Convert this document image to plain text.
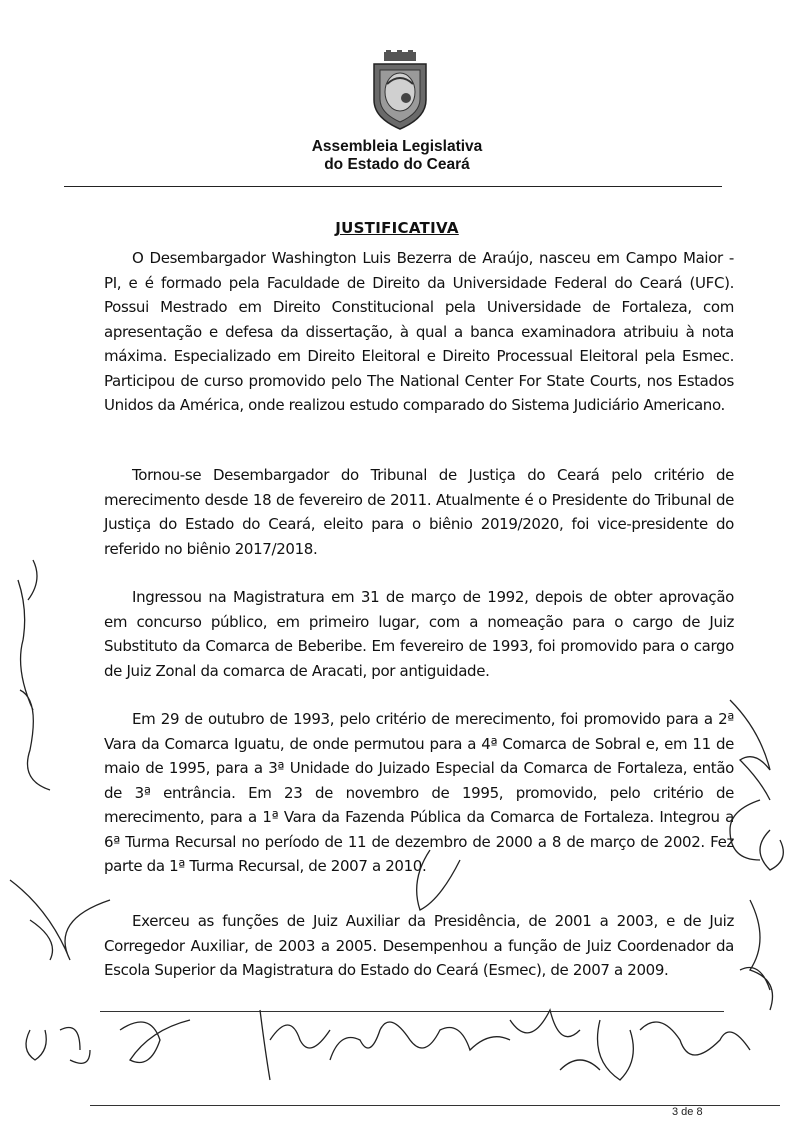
Assembleia Legislativa
do Estado do Ceará
JUSTIFICATIVA
O Desembargador Washington Luis Bezerra de Araújo, nasceu em Campo Maior - PI, e é formado pela Faculdade de Direito da Universidade Federal do Ceará (UFC). Possui Mestrado em Direito Constitucional pela Universidade de Fortaleza, com apresentação e defesa da dissertação, à qual a banca examinadora atribuiu à nota máxima. Especializado em Direito Eleitoral e Direito Processual Eleitoral pela Esmec. Participou de curso promovido pelo The National Center For State Courts, nos Estados Unidos da América, onde realizou estudo comparado do Sistema Judiciário Americano.
Tornou-se Desembargador do Tribunal de Justiça do Ceará pelo critério de merecimento desde 18 de fevereiro de 2011. Atualmente é o Presidente do Tribunal de Justiça do Estado do Ceará, eleito para o biênio 2019/2020, foi vice-presidente do referido no biênio 2017/2018.
Ingressou na Magistratura em 31 de março de 1992, depois de obter aprovação em concurso público, em primeiro lugar, com a nomeação para o cargo de Juiz Substituto da Comarca de Beberibe. Em fevereiro de 1993, foi promovido para o cargo de Juiz Zonal da comarca de Aracati, por antiguidade.
Em 29 de outubro de 1993, pelo critério de merecimento, foi promovido para a 2ª Vara da Comarca Iguatu, de onde permutou para a 4ª Comarca de Sobral e, em 11 de maio de 1995, para a 3ª Unidade do Juizado Especial da Comarca de Fortaleza, então de 3ª entrância. Em 23 de novembro de 1995, promovido, pelo critério de merecimento, para a 1ª Vara da Fazenda Pública da Comarca de Fortaleza. Integrou a 6ª Turma Recursal no período de 11 de dezembro de 2000 a 8 de março de 2002. Fez parte da 1ª Turma Recursal, de 2007 a 2010.
Exerceu as funções de Juiz Auxiliar da Presidência, de 2001 a 2003, e de Juiz Corregedor Auxiliar, de 2003 a 2005. Desempenhou a função de Juiz Coordenador da Escola Superior da Magistratura do Estado do Ceará (Esmec), de 2007 a 2009.
3 de 8
